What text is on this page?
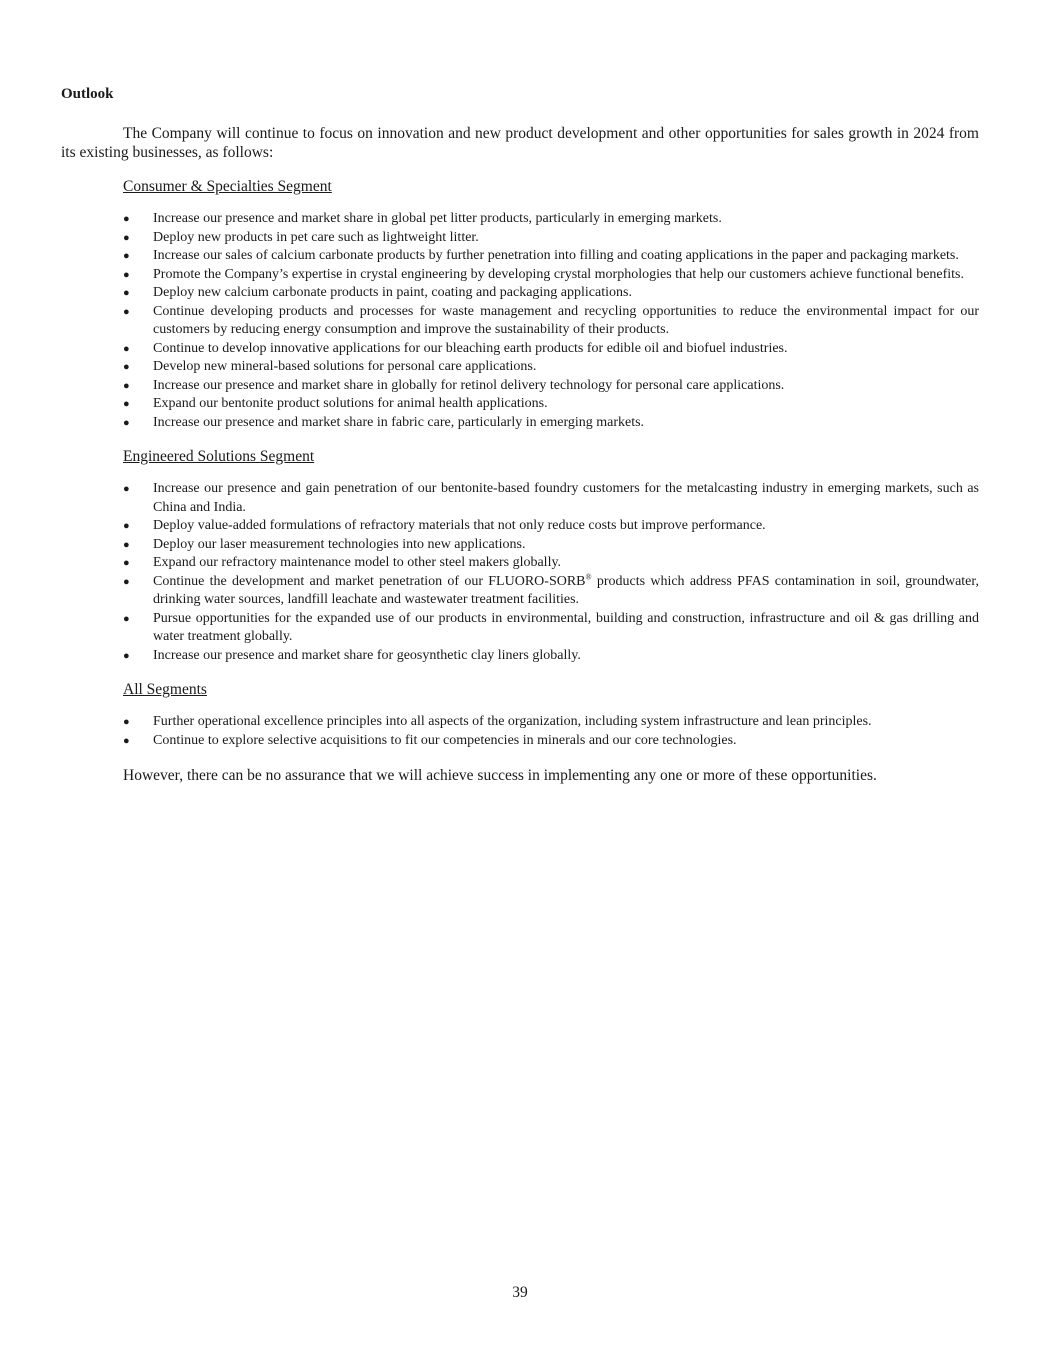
Outlook

The Company will continue to focus on innovation and new product development and other opportunities for sales growth in 2024 from its existing businesses, as follows:

Consumer & Specialties Segment
● Increase our presence and market share in global pet litter products, particularly in emerging markets.
● Deploy new products in pet care such as lightweight litter.
● Increase our sales of calcium carbonate products by further penetration into filling and coating applications in the paper and packaging markets.
● Promote the Company’s expertise in crystal engineering by developing crystal morphologies that help our customers achieve functional benefits.
● Deploy new calcium carbonate products in paint, coating and packaging applications.
● Continue developing products and processes for waste management and recycling opportunities to reduce the environmental impact for our customers by reducing energy consumption and improve the sustainability of their products.
● Continue to develop innovative applications for our bleaching earth products for edible oil and biofuel industries.
● Develop new mineral-based solutions for personal care applications.
● Increase our presence and market share in globally for retinol delivery technology for personal care applications.
● Expand our bentonite product solutions for animal health applications.
● Increase our presence and market share in fabric care, particularly in emerging markets.
Engineered Solutions Segment
● Increase our presence and gain penetration of our bentonite-based foundry customers for the metalcasting industry in emerging markets, such as China and India.
● Deploy value-added formulations of refractory materials that not only reduce costs but improve performance.
● Deploy our laser measurement technologies into new applications.
● Expand our refractory maintenance model to other steel makers globally.
● Continue the development and market penetration of our FLUORO-SORB® products which address PFAS contamination in soil, groundwater, drinking water sources, landfill leachate and wastewater treatment facilities.
● Pursue opportunities for the expanded use of our products in environmental, building and construction, infrastructure and oil & gas drilling and water treatment globally.
● Increase our presence and market share for geosynthetic clay liners globally.
All Segments
● Further operational excellence principles into all aspects of the organization, including system infrastructure and lean principles.
● Continue to explore selective acquisitions to fit our competencies in minerals and our core technologies.

However, there can be no assurance that we will achieve success in implementing any one or more of these opportunities.

39
